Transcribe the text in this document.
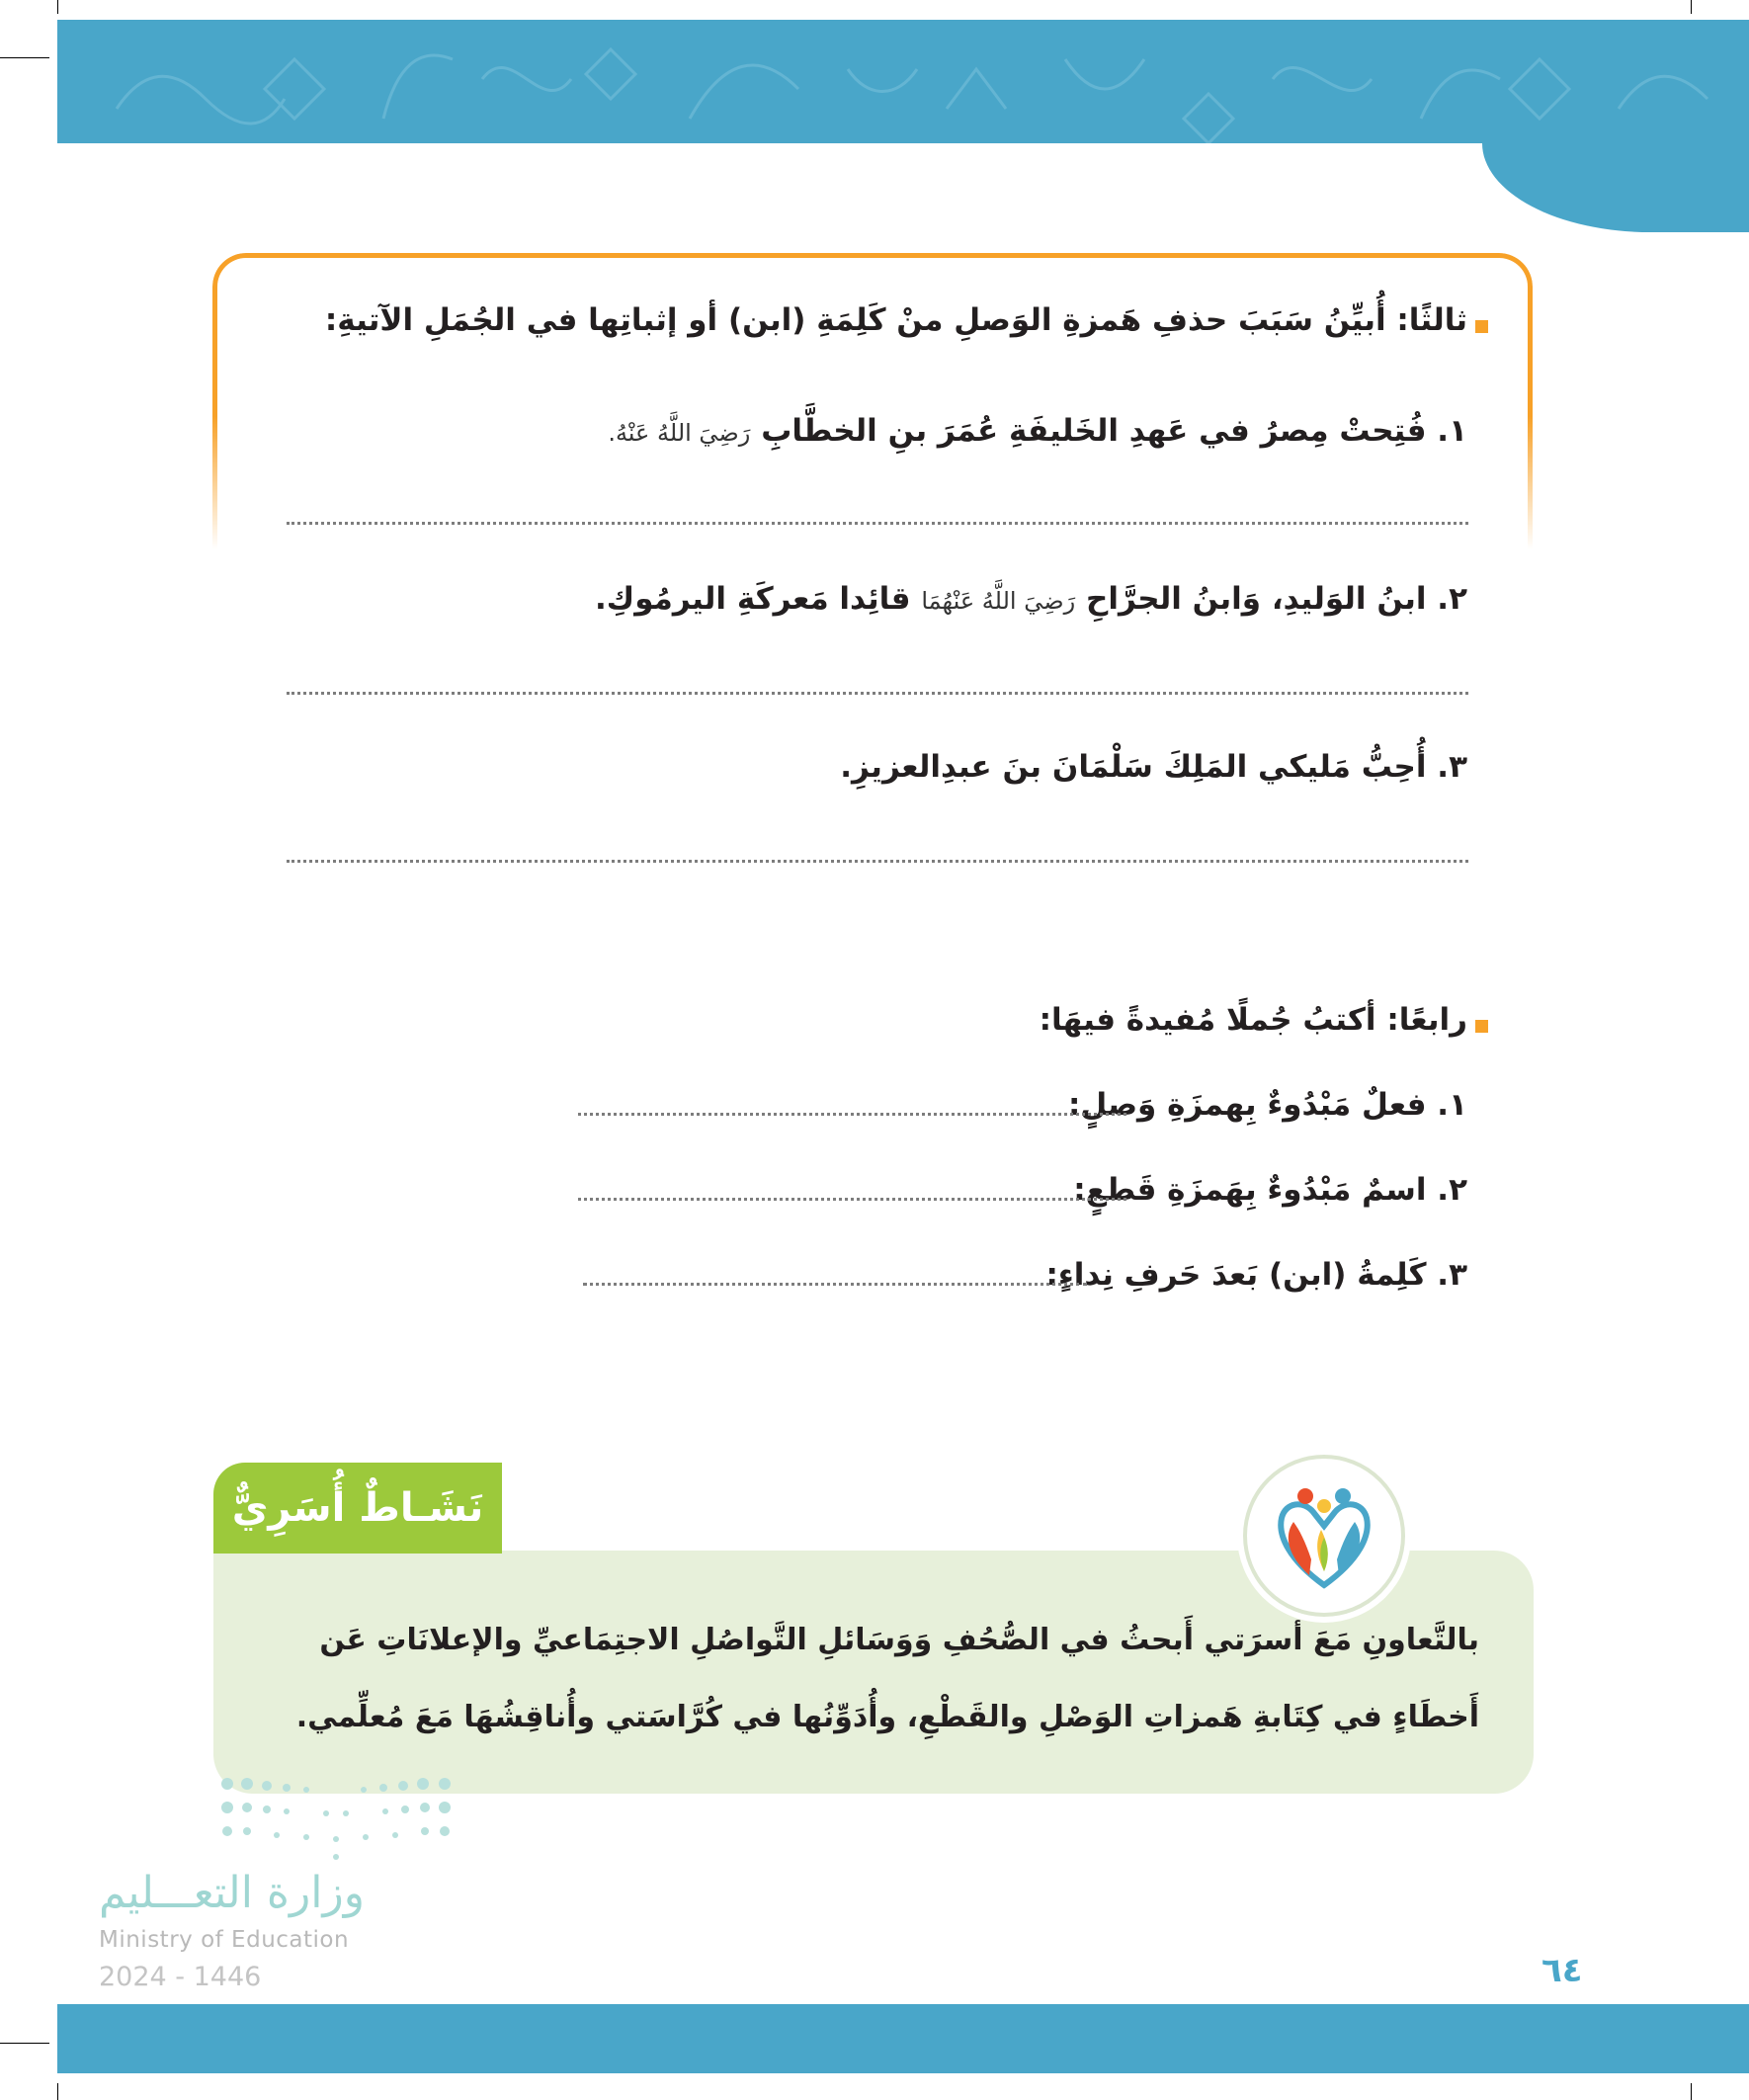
ثالثًا: أُبيِّنُ سَبَبَ حذفِ هَمزةِ الوَصلِ منْ كَلِمَةِ (ابن) أو إثباتِها في الجُمَلِ الآتيةِ:
١. فُتِحتْ مِصرُ في عَهدِ الخَليفَةِ عُمَرَ بنِ الخطَّابِ رَضِيَ اللَّهُ عَنْهُ.
٢. ابنُ الوَليدِ، وَابنُ الجرَّاحِ رَضِيَ اللَّهُ عَنْهُمَا قائِدا مَعركَةِ اليرمُوكِ.
٣. أُحِبُّ مَليكي المَلِكَ سَلْمَانَ بنَ عبدِالعزيزِ.
رابعًا: أكتبُ جُملًا مُفيدةً فيهَا:
١. فعلٌ مَبْدُوءٌ بِهمزَةِ وَصلٍ:
٢. اسمٌ مَبْدُوءٌ بِهَمزَةِ قَطعٍ:
٣. كَلِمةُ (ابن) بَعدَ حَرفِ نِداءٍ:
بالتَّعاونِ مَعَ أسرَتي أَبحثُ في الصُّحُفِ وَوَسَائلِ التَّواصُلِ الاجتِمَاعيِّ والإعلانَاتِ عَن أَخطَاءٍ في كِتَابةِ هَمزاتِ الوَصْلِ والقَطْعِ، وأُدَوِّنُها في كُرَّاسَتي وأُناقِشُهَا مَعَ مُعلِّمي.
نَشَـاطٌ أُسَرِيٌّ
وزارة التعـــليم
Ministry of Education
2024 - 1446	٦٤
